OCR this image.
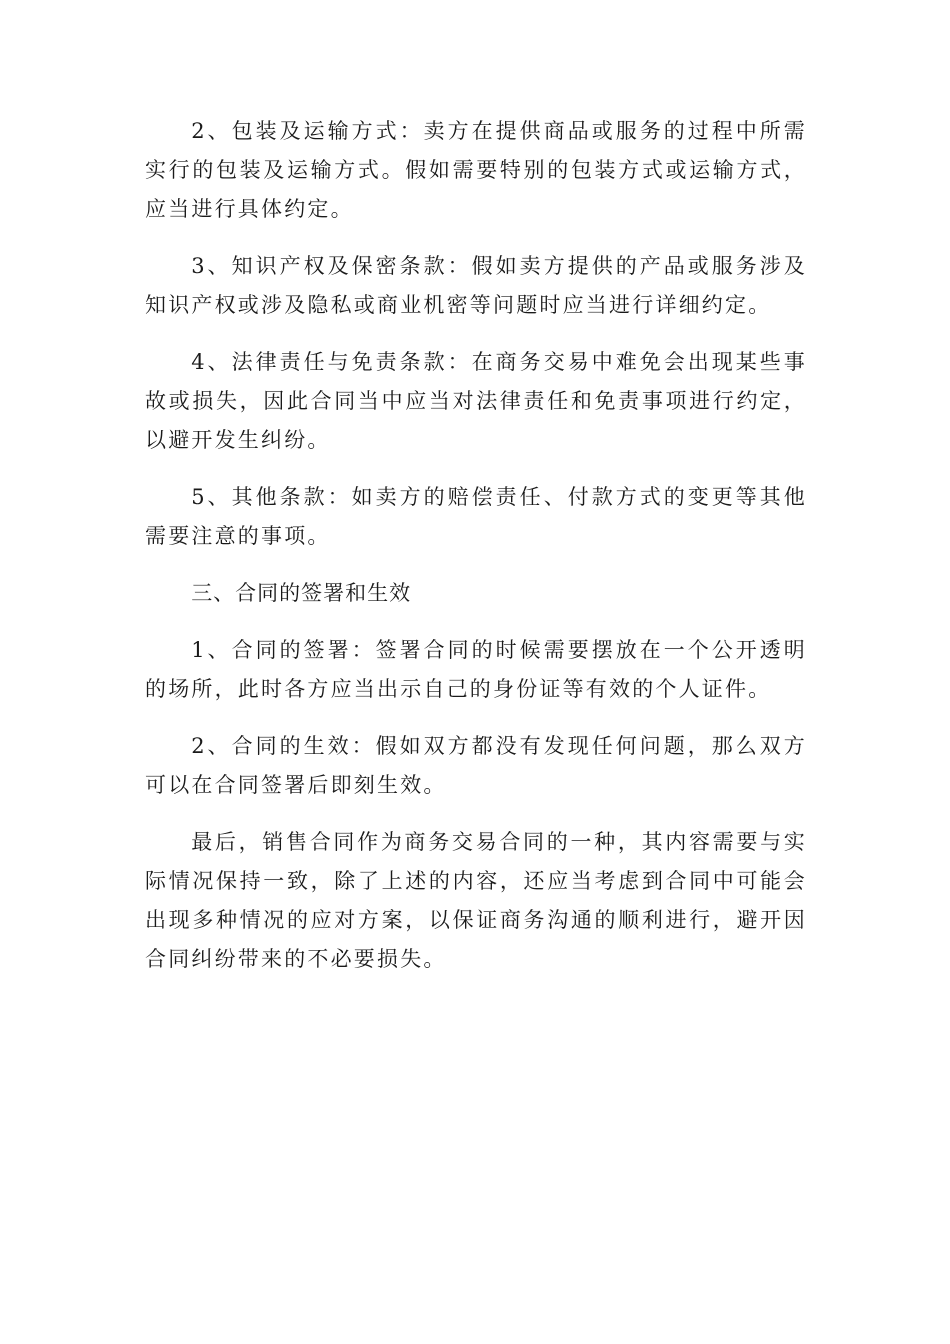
2、包装及运输方式：卖方在提供商品或服务的过程中所需实行的包装及运输方式。假如需要特别的包装方式或运输方式，应当进行具体约定。

3、知识产权及保密条款：假如卖方提供的产品或服务涉及知识产权或涉及隐私或商业机密等问题时应当进行详细约定。

4、法律责任与免责条款：在商务交易中难免会出现某些事故或损失，因此合同当中应当对法律责任和免责事项进行约定，以避开发生纠纷。

5、其他条款：如卖方的赔偿责任、付款方式的变更等其他需要注意的事项。

三、合同的签署和生效

1、合同的签署：签署合同的时候需要摆放在一个公开透明的场所，此时各方应当出示自己的身份证等有效的个人证件。

2、合同的生效：假如双方都没有发现任何问题，那么双方可以在合同签署后即刻生效。

最后，销售合同作为商务交易合同的一种，其内容需要与实际情况保持一致，除了上述的内容，还应当考虑到合同中可能会出现多种情况的应对方案，以保证商务沟通的顺利进行，避开因合同纠纷带来的不必要损失。
